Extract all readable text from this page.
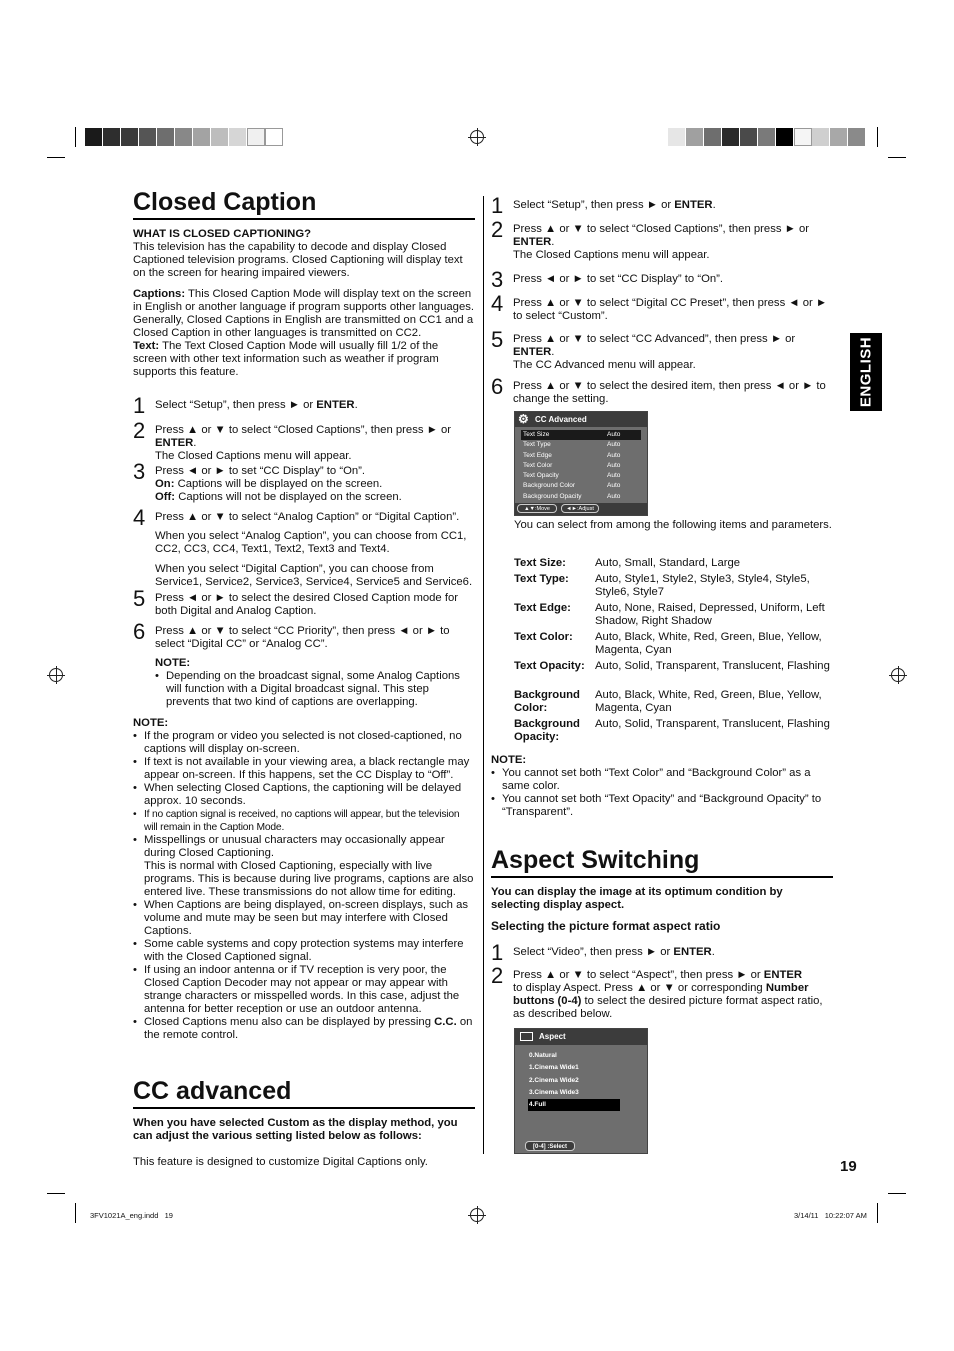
ENGLISH
Closed Caption

WHAT IS CLOSED CAPTIONING?

This television has the capability to decode and display Closed Captioned television programs. Closed Captioning will display text on the screen for hearing impaired viewers.

Captions: This Closed Caption Mode will display text on the screen in English or another language if program supports other languages. Generally, Closed Captions in English are transmitted on CC1 and a Closed Caption in other languages is transmitted on CC2.

Text: The Text Closed Caption Mode will usually fill 1/2 of the screen with other text information such as weather if program supports this feature.

1 Select “Setup”, then press ► or ENTER.
2 Press ▲ or ▼ to select “Closed Captions”, then press ► or ENTER.
The Closed Captions menu will appear.
3 Press ◄ or ► to set “CC Display” to “On”.
On: Captions will be displayed on the screen.
Off: Captions will not be displayed on the screen.
4 Press ▲ or ▼ to select “Analog Caption” or “Digital Caption”.

When you select “Analog Caption”, you can choose from CC1, CC2, CC3, CC4, Text1, Text2, Text3 and Text4.

When you select “Digital Caption”, you can choose from Service1, Service2, Service3, Service4, Service5 and Service6.

5 Press ◄ or ► to select the desired Closed Caption mode for both Digital and Analog Caption.
6 Press ▲ or ▼ to select “CC Priority”, then press ◄ or ► to select “Digital CC” or “Analog CC”.

NOTE:

• Depending on the broadcast signal, some Analog Captions will function with a Digital broadcast signal. This step prevents that two kind of captions are overlapping.

NOTE:

• If the program or video you selected is not closed-captioned, no captions will display on-screen.

• If text is not available in your viewing area, a black rectangle may appear on-screen. If this happens, set the CC Display to “Off”.

• When selecting Closed Captions, the captioning will be delayed approx. 10 seconds.

• If no caption signal is received, no captions will appear, but the television will remain in the Caption Mode.

• Misspellings or unusual characters may occasionally appear during Closed Captioning.

This is normal with Closed Captioning, especially with live programs. This is because during live programs, captions are also entered live. These transmissions do not allow time for editing.

• When Captions are being displayed, on-screen displays, such as volume and mute may be seen but may interfere with Closed Captions.

• Some cable systems and copy protection systems may interfere with the Closed Captioned signal.

• If using an indoor antenna or if TV reception is very poor, the Closed Caption Decoder may not appear or may appear with strange characters or misspelled words. In this case, adjust the antenna for better reception or use an outdoor antenna.

• Closed Captions menu also can be displayed by pressing C.C. on the remote control.

CC advanced
When you have selected Custom as the display method, you can adjust the various setting listed below as follows:
This feature is designed to customize Digital Captions only.
1 Select “Setup”, then press ► or ENTER.
2 Press ▲ or ▼ to select “Closed Captions”, then press ► or ENTER.
The Closed Captions menu will appear.
3 Press ◄ or ► to set “CC Display” to “On”.
4 Press ▲ or ▼ to select “Digital CC Preset”, then press ◄ or ► to select “Custom”.
5 Press ▲ or ▼ to select “CC Advanced”, then press ► or ENTER.
The CC Advanced menu will appear.
6 Press ▲ or ▼ to select the desired item, then press ◄ or ► to change the setting.
⚙ CC Advanced
Text Size	Auto
Text Type	Auto
Text Edge	Auto
Text Color	Auto
Text Opacity	Auto
Background Color	Auto
Background Opacity	Auto
▲▼:Move	◄►:Adjust
You can select from among the following items and parameters.
Text Size:	Auto, Small, Standard, Large
Text Type:	Auto, Style1, Style2, Style3, Style4, Style5, Style6, Style7
Text Edge:	Auto, None, Raised, Depressed, Uniform, Left Shadow, Right Shadow
Text Color:	Auto, Black, White, Red, Green, Blue, Yellow, Magenta, Cyan
Text Opacity: Auto, Solid, Transparent, Translucent, Flashing
Background Color:
Auto, Black, White, Red, Green, Blue, Yellow, Magenta, Cyan
Background Opacity:
Auto, Solid, Transparent, Translucent, Flashing

NOTE:

• You cannot set both “Text Color” and “Background Color” as a same color.

• You cannot set both “Text Opacity” and “Background Opacity” to “Transparent”.

Aspect Switching
You can display the image at its optimum condition by selecting display aspect.
Selecting the picture format aspect ratio
1 Select “Video”, then press ► or ENTER.
2 Press ▲ or ▼ to select “Aspect”, then press ► or ENTER
to display Aspect. Press ▲ or ▼ or corresponding Number buttons (0-4) to select the desired picture format aspect ratio, as described below.
Aspect
0.Natural
1.Cinema Wide1
2.Cinema Wide2
3.Cinema Wide3
4.Full
[0-4] :Select
19
3FV1021A_eng.indd   19	3/14/11   10:22:07 AM
